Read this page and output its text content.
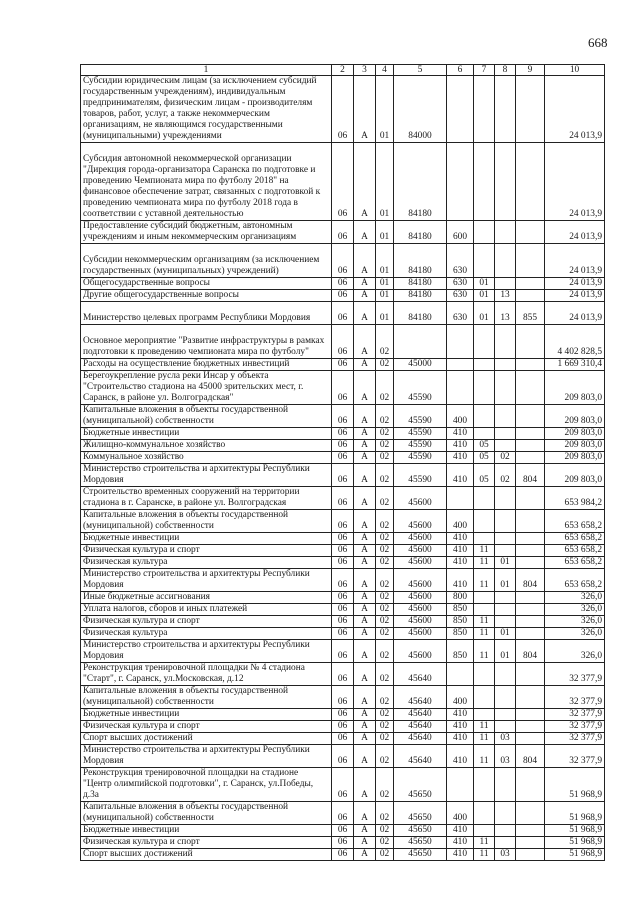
668
1	2	3	4	5	6	7	8	9	10
Субсидии юридическим лицам (за исключением субсидий государственным учреждениям), индивидуальным предпринимателям, физическим лицам - производителям товаров, работ, услуг, а также некоммерческим организациям, не являющимся государственными (муниципальными) учреждениями	06	А	01	84000					24 013,9
Субсидия автономной некоммерческой организации "Дирекция города-организатора Саранска по подготовке и проведению Чемпионата мира по футболу 2018" на финансовое обеспечение затрат, связанных с подготовкой к проведению чемпионата мира по футболу 2018 года в соответствии с уставной деятельностью	06	А	01	84180					24 013,9
Предоставление субсидий бюджетным, автономным учреждениям и иным некоммерческим организациям	06	А	01	84180	600				24 013,9
Субсидии некоммерческим организациям (за исключением государственных (муниципальных) учреждений)	06	А	01	84180	630				24 013,9
Общегосударственные вопросы	06	А	01	84180	630	01			24 013,9
Другие общегосударственные вопросы	06	А	01	84180	630	01	13		24 013,9
Министерство целевых программ Республики Мордовия	06	А	01	84180	630	01	13	855	24 013,9
Основное мероприятие "Развитие инфраструктуры в рамках подготовки к проведению чемпионата мира по футболу"	06	А	02						4 402 828,5
Расходы на осуществление бюджетных инвестиций	06	А	02	45000					1 669 310,4
Берегоукрепление русла реки Инсар у объекта "Строительство стадиона на 45000 зрительских мест, г. Саранск, в районе ул. Волгоградская"	06	А	02	45590					209 803,0
Капитальные вложения в объекты государственной (муниципальной) собственности	06	А	02	45590	400				209 803,0
Бюджетные инвестиции	06	А	02	45590	410				209 803,0
Жилищно-коммунальное хозяйство	06	А	02	45590	410	05			209 803,0
Коммунальное хозяйство	06	А	02	45590	410	05	02		209 803,0
Министерство строительства и архитектуры Республики Мордовия	06	А	02	45590	410	05	02	804	209 803,0
Строительство временных сооружений на территории стадиона в г. Саранске, в районе ул. Волгоградская	06	А	02	45600					653 984,2
Капитальные вложения в объекты государственной (муниципальной) собственности	06	А	02	45600	400				653 658,2
Бюджетные инвестиции	06	А	02	45600	410				653 658,2
Физическая культура и спорт	06	А	02	45600	410	11			653 658,2
Физическая культура	06	А	02	45600	410	11	01		653 658,2
Министерство строительства и архитектуры Республики Мордовия	06	А	02	45600	410	11	01	804	653 658,2
Иные бюджетные ассигнования	06	А	02	45600	800				326,0
Уплата налогов, сборов и иных платежей	06	А	02	45600	850				326,0
Физическая культура и спорт	06	А	02	45600	850	11			326,0
Физическая культура	06	А	02	45600	850	11	01		326,0
Министерство строительства и архитектуры Республики Мордовия	06	А	02	45600	850	11	01	804	326,0
Реконструкция тренировочной площадки № 4 стадиона "Старт", г. Саранск, ул.Московская, д.12	06	А	02	45640					32 377,9
Капитальные вложения в объекты государственной (муниципальной) собственности	06	А	02	45640	400				32 377,9
Бюджетные инвестиции	06	А	02	45640	410				32 377,9
Физическая культура и спорт	06	А	02	45640	410	11			32 377,9
Спорт высших достижений	06	А	02	45640	410	11	03		32 377,9
Министерство строительства и архитектуры Республики Мордовия	06	А	02	45640	410	11	03	804	32 377,9
Реконструкция тренировочной площадки на стадионе "Центр олимпийской подготовки", г. Саранск, ул.Победы, д.3а	06	А	02	45650					51 968,9
Капитальные вложения в объекты государственной (муниципальной) собственности	06	А	02	45650	400				51 968,9
Бюджетные инвестиции	06	А	02	45650	410				51 968,9
Физическая культура и спорт	06	А	02	45650	410	11			51 968,9
Спорт высших достижений	06	А	02	45650	410	11	03		51 968,9
